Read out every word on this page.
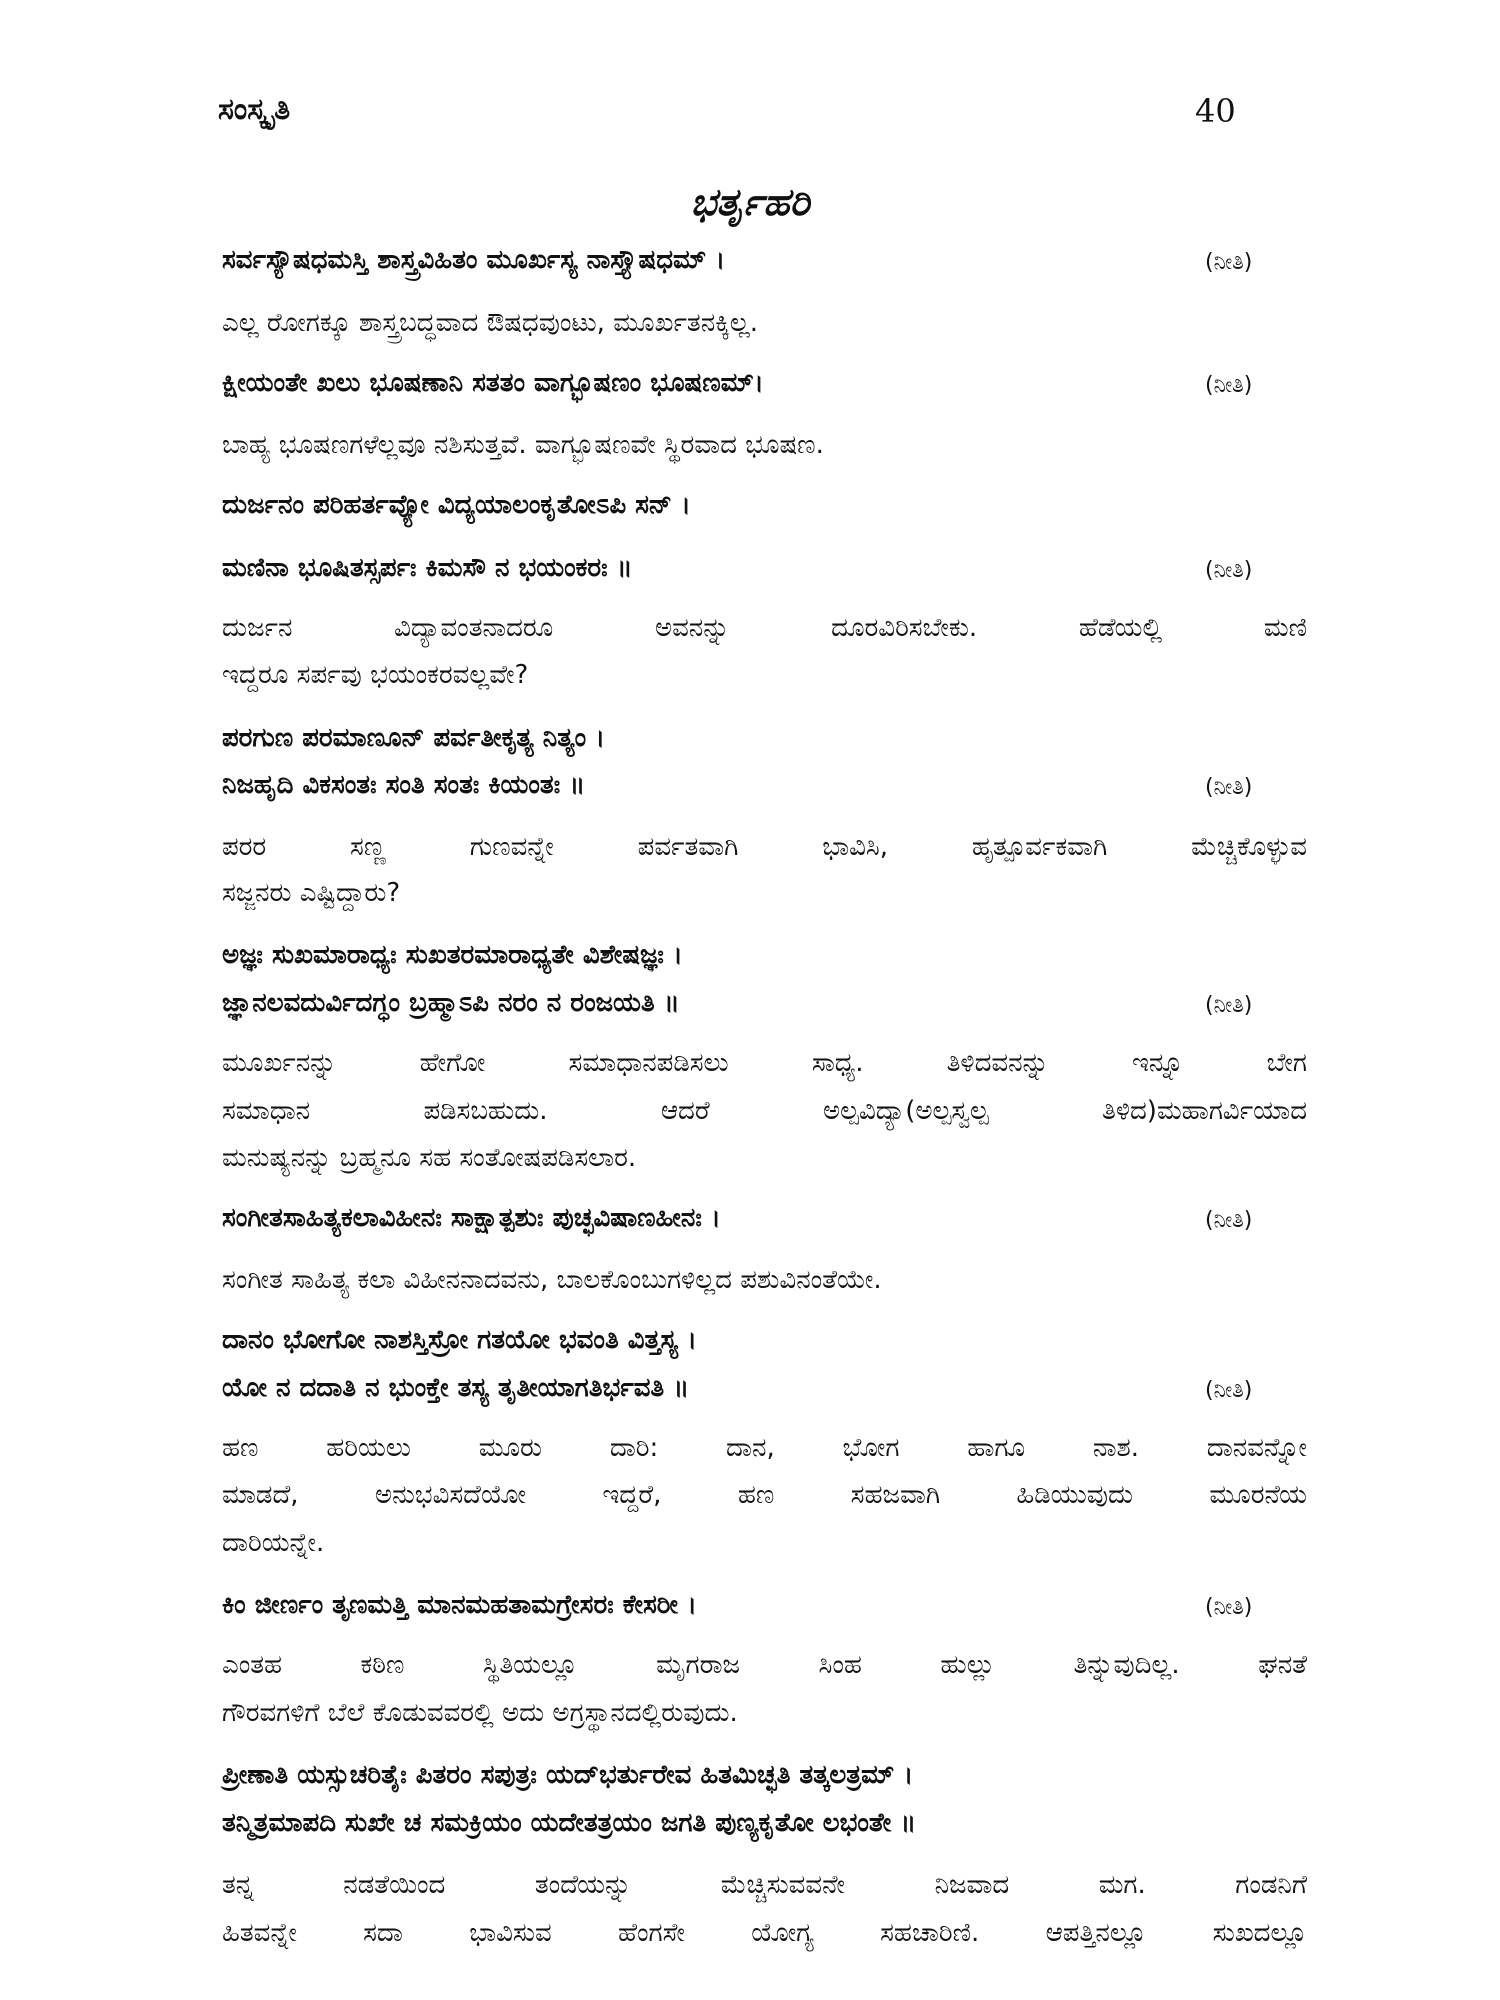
ಸಂಸ್ಕೃತಿ	40
ಭರ್ತೃಹರಿ
ಸರ್ವಸ್ಯೌಷಧಮಸ್ತಿ ಶಾಸ್ತ್ರವಿಹಿತಂ ಮೂರ್ಖಸ್ಯ ನಾಸ್ತ್ಯೌಷಧಮ್ ।	(ನೀತಿ)
ಎಲ್ಲ ರೋಗಕ್ಕೂ ಶಾಸ್ತ್ರಬದ್ಧವಾದ ಔಷಧವುಂಟು, ಮೂರ್ಖತನಕ್ಕಿಲ್ಲ.
ಕ್ಷೀಯಂತೇ ಖಲು ಭೂಷಣಾನಿ ಸತತಂ ವಾಗ್ಭೂಷಣಂ ಭೂಷಣಮ್।	(ನೀತಿ)
ಬಾಹ್ಯ ಭೂಷಣಗಳೆಲ್ಲವೂ ನಶಿಸುತ್ತವೆ. ವಾಗ್ಭೂಷಣವೇ ಸ್ಥಿರವಾದ ಭೂಷಣ.
ದುರ್ಜನಂ ಪರಿಹರ್ತವ್ಯೋ ವಿದ್ಯಯಾಲಂಕೃತೋಽಪಿ ಸನ್ ।
ಮಣಿನಾ ಭೂಷಿತಸ್ಸರ್ಪಃ ಕಿಮಸೌ ನ ಭಯಂಕರಃ ॥	(ನೀತಿ)
ದುರ್ಜನ ವಿದ್ಯಾವಂತನಾದರೂ ಅವನನ್ನು ದೂರವಿರಿಸಬೇಕು. ಹೆಡೆಯಲ್ಲಿ ಮಣಿ
ಇದ್ದರೂ ಸರ್ಪವು ಭಯಂಕರವಲ್ಲವೇ?
ಪರಗುಣ ಪರಮಾಣೂನ್ ಪರ್ವತೀಕೃತ್ಯ ನಿತ್ಯಂ ।
ನಿಜಹೃದಿ ವಿಕಸಂತಃ ಸಂತಿ ಸಂತಃ ಕಿಯಂತಃ ॥	(ನೀತಿ)
ಪರರ ಸಣ್ಣ ಗುಣವನ್ನೇ ಪರ್ವತವಾಗಿ ಭಾವಿಸಿ, ಹೃತ್ಪೂರ್ವಕವಾಗಿ ಮೆಚ್ಚಿಕೊಳ್ಳುವ
ಸಜ್ಜನರು ಎಷ್ಟಿದ್ದಾರು?
ಅಜ್ಞಃ ಸುಖಮಾರಾಧ್ಯಃ ಸುಖತರಮಾರಾಧ್ಯತೇ ವಿಶೇಷಜ್ಞಃ ।
ಜ್ಞಾನಲವದುರ್ವಿದಗ್ಧಂ ಬ್ರಹ್ಮಾಽಪಿ ನರಂ ನ ರಂಜಯತಿ ॥	(ನೀತಿ)
ಮೂರ್ಖನನ್ನು ಹೇಗೋ ಸಮಾಧಾನಪಡಿಸಲು ಸಾಧ್ಯ. ತಿಳಿದವನನ್ನು ಇನ್ನೂ ಬೇಗ
ಸಮಾಧಾನ ಪಡಿಸಬಹುದು. ಆದರೆ ಅಲ್ಪವಿದ್ಯಾ(ಅಲ್ಪಸ್ವಲ್ಪ ತಿಳಿದ)ಮಹಾಗರ್ವಿಯಾದ
ಮನುಷ್ಯನನ್ನು ಬ್ರಹ್ಮನೂ ಸಹ ಸಂತೋಷಪಡಿಸಲಾರ.
ಸಂಗೀತಸಾಹಿತ್ಯಕಲಾವಿಹೀನಃ ಸಾಕ್ಷಾತ್ಪಶುಃ ಪುಚ್ಛವಿಷಾಣಹೀನಃ ।	(ನೀತಿ)
ಸಂಗೀತ ಸಾಹಿತ್ಯ ಕಲಾ ವಿಹೀನನಾದವನು, ಬಾಲಕೊಂಬುಗಳಿಲ್ಲದ ಪಶುವಿನಂತೆಯೇ.
ದಾನಂ ಭೋಗೋ ನಾಶಸ್ತಿಸ್ರೋ ಗತಯೋ ಭವಂತಿ ವಿತ್ತಸ್ಯ ।
ಯೋ ನ ದದಾತಿ ನ ಭುಂಕ್ತೇ ತಸ್ಯ ತೃತೀಯಾಗತಿರ್ಭವತಿ ॥	(ನೀತಿ)
ಹಣ ಹರಿಯಲು ಮೂರು ದಾರಿ: ದಾನ, ಭೋಗ ಹಾಗೂ ನಾಶ. ದಾನವನ್ನೋ
ಮಾಡದೆ, ಅನುಭವಿಸದೆಯೋ ಇದ್ದರೆ, ಹಣ ಸಹಜವಾಗಿ ಹಿಡಿಯುವುದು ಮೂರನೆಯ
ದಾರಿಯನ್ನೇ.
ಕಿಂ ಜೀರ್ಣಂ ತೃಣಮತ್ತಿ ಮಾನಮಹತಾಮಗ್ರೇಸರಃ ಕೇಸರೀ ।	(ನೀತಿ)
ಎಂತಹ ಕಠಿಣ ಸ್ಥಿತಿಯಲ್ಲೂ ಮೃಗರಾಜ ಸಿಂಹ ಹುಲ್ಲು ತಿನ್ನುವುದಿಲ್ಲ. ಘನತೆ
ಗೌರವಗಳಿಗೆ ಬೆಲೆ ಕೊಡುವವರಲ್ಲಿ ಅದು ಅಗ್ರಸ್ಥಾನದಲ್ಲಿರುವುದು.
ಪ್ರೀಣಾತಿ ಯಸ್ಸುಚರಿತೈಃ ಪಿತರಂ ಸಪುತ್ರಃ ಯದ್‌ಭರ್ತುರೇವ ಹಿತಮಿಚ್ಛತಿ ತತ್ಕಲತ್ರಮ್ ।
ತನ್ಮಿತ್ರಮಾಪದಿ ಸುಖೇ ಚ ಸಮಕ್ರಿಯಂ ಯದೇತತ್ರಯಂ ಜಗತಿ ಪುಣ್ಯಕೃತೋ ಲಭಂತೇ ॥
ತನ್ನ ನಡತೆಯಿಂದ ತಂದೆಯನ್ನು ಮೆಚ್ಚಿಸುವವನೇ ನಿಜವಾದ ಮಗ. ಗಂಡನಿಗೆ
ಹಿತವನ್ನೇ ಸದಾ ಭಾವಿಸುವ ಹೆಂಗಸೇ ಯೋಗ್ಯ ಸಹಚಾರಿಣಿ. ಆಪತ್ತಿನಲ್ಲೂ ಸುಖದಲ್ಲೂ
